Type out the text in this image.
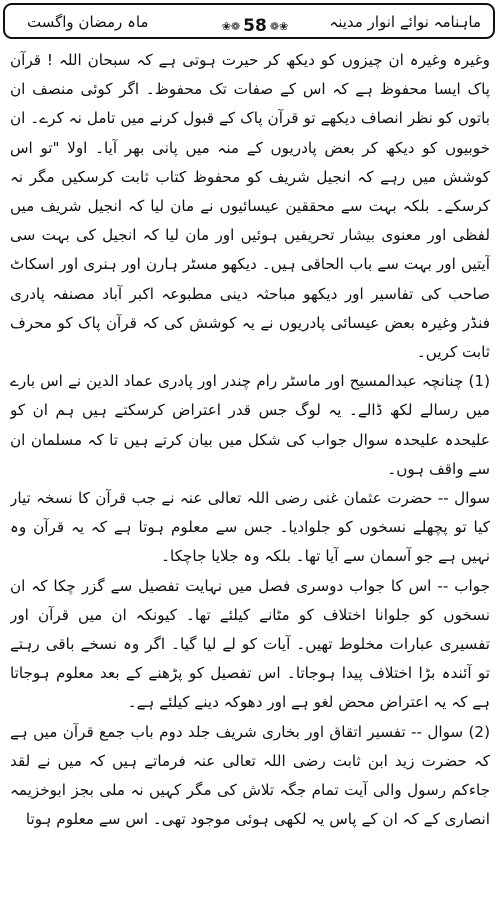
ماہنامہ نوائے انوار مدینہ
❀❁ 58 ❁❀
ماہ رمضان واگست

وغیرہ وغیرہ ان چیزوں کو دیکھ کر حیرت ہوتی ہے کہ سبحان اللہ ! قرآن پاک ایسا محفوظ ہے کہ اس کے صفات تک محفوظ۔ اگر کوئی منصف ان باتوں کو نظر انصاف دیکھے تو قرآن پاک کے قبول کرنے میں تامل نہ کرے۔ ان خوبیوں کو دیکھ کر بعض پادریوں کے منہ میں پانی بھر آیا۔ اولا "تو اس کوشش میں رہے کہ انجیل شریف کو محفوظ کتاب ثابت کرسکیں مگر نہ کرسکے۔ بلکہ بہت سے محققین عیسائیوں نے مان لیا کہ انجیل شریف میں لفظی اور معنوی بیشار تحریفیں ہوئیں اور مان لیا کہ انجیل کی بہت سی آیتیں اور بہت سے باب الحاقی ہیں۔ دیکھو مسٹر ہارن اور ہنری اور اسکاٹ صاحب کی تفاسیر اور دیکھو مباحثہ دینی مطبوعہ اکبر آباد مصنفہ پادری فنڈر وغیرہ بعض عیسائی پادریوں نے یہ کوشش کی کہ قرآن پاک کو محرف ثابت کریں۔

(1) چنانچہ عبدالمسیح اور ماسٹر رام چندر اور پادری عماد الدین نے اس بارے میں رسالے لکھ ڈالے۔ یہ لوگ جس قدر اعتراض کرسکتے ہیں ہم ان کو علیحدہ علیحدہ سوال جواب کی شکل میں بیان کرتے ہیں تا کہ مسلمان ان سے واقف ہوں۔

سوال -- حضرت عثمان غنی رضی اللہ تعالی عنہ نے جب قرآن کا نسخہ تیار کیا تو پچھلے نسخوں کو جلوادیا۔ جس سے معلوم ہوتا ہے کہ یہ قرآن وہ نہیں ہے جو آسمان سے آیا تھا۔ بلکہ وہ جلایا جاچکا۔

جواب -- اس کا جواب دوسری فصل میں نہایت تفصیل سے گزر چکا کہ ان نسخوں کو جلوانا اختلاف کو مٹانے کیلئے تھا۔ کیونکہ ان میں قرآن اور تفسیری عبارات مخلوط تھیں۔ آیات کو لے لیا گیا۔ اگر وہ نسخے باقی رہتے تو آئندہ بڑا اختلاف پیدا ہوجاتا۔ اس تفصیل کو پڑھنے کے بعد معلوم ہوجاتا ہے کہ یہ اعتراض محض لغو ہے اور دھوکہ دینے کیلئے ہے۔

(2) سوال -- تفسیر اتقاق اور بخاری شریف جلد دوم باب جمع قرآن میں ہے کہ حضرت زید ابن ثابت رضی اللہ تعالی عنہ فرماتے ہیں کہ میں نے لقد جاءکم رسول والی آیت تمام جگہ تلاش کی مگر کہیں نہ ملی بجز ابوخزیمہ انصاری کے کہ ان کے پاس یہ لکھی ہوئی موجود تھی۔ اس سے معلوم ہوتا
